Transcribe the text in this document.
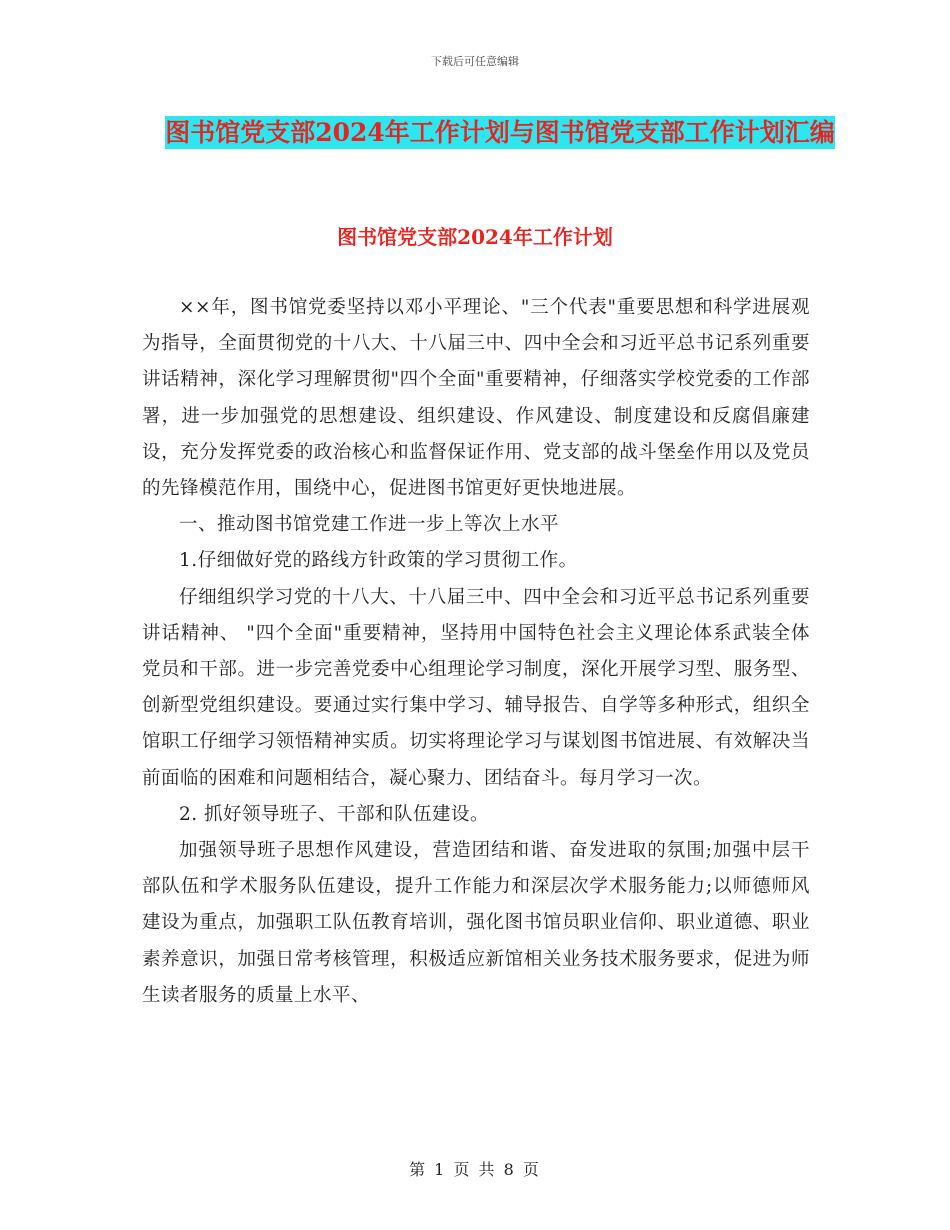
下载后可任意编辑
图书馆党支部2024年工作计划与图书馆党支部工作计划汇编
图书馆党支部2024年工作计划

××年，图书馆党委坚持以邓小平理论、"三个代表"重要思想和科学进展观为指导，全面贯彻党的十八大、十八届三中、四中全会和习近平总书记系列重要讲话精神，深化学习理解贯彻"四个全面"重要精神，仔细落实学校党委的工作部署，进一步加强党的思想建设、组织建设、作风建设、制度建设和反腐倡廉建设，充分发挥党委的政治核心和监督保证作用、党支部的战斗堡垒作用以及党员的先锋模范作用，围绕中心，促进图书馆更好更快地进展。

一、推动图书馆党建工作进一步上等次上水平

1.仔细做好党的路线方针政策的学习贯彻工作。

仔细组织学习党的十八大、十八届三中、四中全会和习近平总书记系列重要讲话精神、 "四个全面"重要精神，坚持用中国特色社会主义理论体系武装全体党员和干部。进一步完善党委中心组理论学习制度，深化开展学习型、服务型、创新型党组织建设。要通过实行集中学习、辅导报告、自学等多种形式，组织全馆职工仔细学习领悟精神实质。切实将理论学习与谋划图书馆进展、有效解决当前面临的困难和问题相结合，凝心聚力、团结奋斗。每月学习一次。

2. 抓好领导班子、干部和队伍建设。

加强领导班子思想作风建设，营造团结和谐、奋发进取的氛围;加强中层干部队伍和学术服务队伍建设，提升工作能力和深层次学术服务能力;以师德师风建设为重点，加强职工队伍教育培训，强化图书馆员职业信仰、职业道德、职业素养意识，加强日常考核管理，积极适应新馆相关业务技术服务要求，促进为师生读者服务的质量上水平、

第 1 页 共 8 页
